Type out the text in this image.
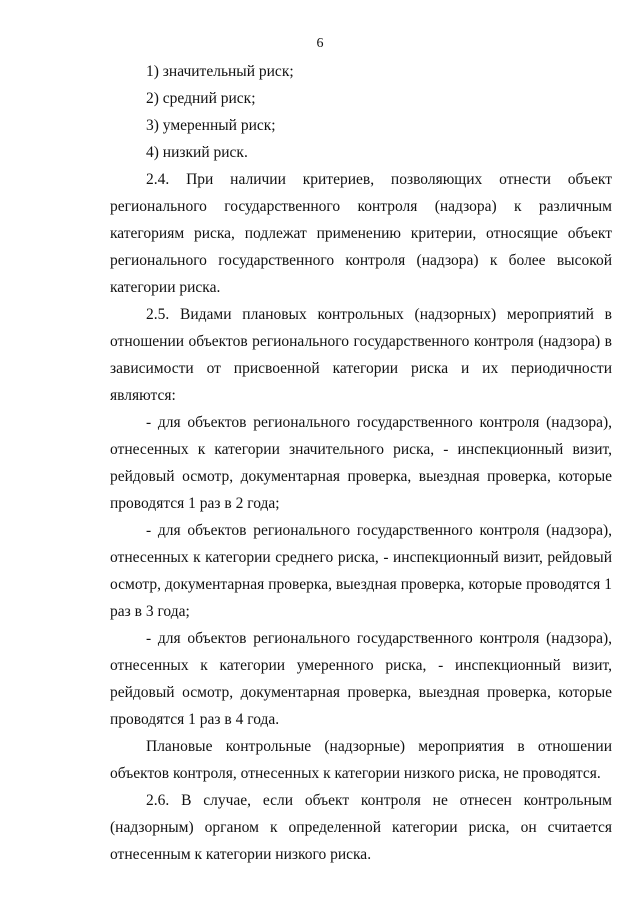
6

1) значительный риск;

2) средний риск;

3) умеренный риск;

4) низкий риск.

2.4. При наличии критериев, позволяющих отнести объект регионального государственного контроля (надзора) к различным категориям риска, подлежат применению критерии, относящие объект регионального государственного контроля (надзора) к более высокой категории риска.

2.5. Видами плановых контрольных (надзорных) мероприятий в отношении объектов регионального государственного контроля (надзора) в зависимости от присвоенной категории риска и их периодичности являются:

- для объектов регионального государственного контроля (надзора), отнесенных к категории значительного риска, - инспекционный визит, рейдовый осмотр, документарная проверка, выездная проверка, которые проводятся 1 раз в 2 года;

- для объектов регионального государственного контроля (надзора), отнесенных к категории среднего риска, - инспекционный визит, рейдовый осмотр, документарная проверка, выездная проверка, которые проводятся 1 раз в 3 года;

- для объектов регионального государственного контроля (надзора), отнесенных к категории умеренного риска, - инспекционный визит, рейдовый осмотр, документарная проверка, выездная проверка, которые проводятся 1 раз в 4 года.

Плановые контрольные (надзорные) мероприятия в отношении объектов контроля, отнесенных к категории низкого риска, не проводятся.

2.6. В случае, если объект контроля не отнесен контрольным (надзорным) органом к определенной категории риска, он считается отнесенным к категории низкого риска.
